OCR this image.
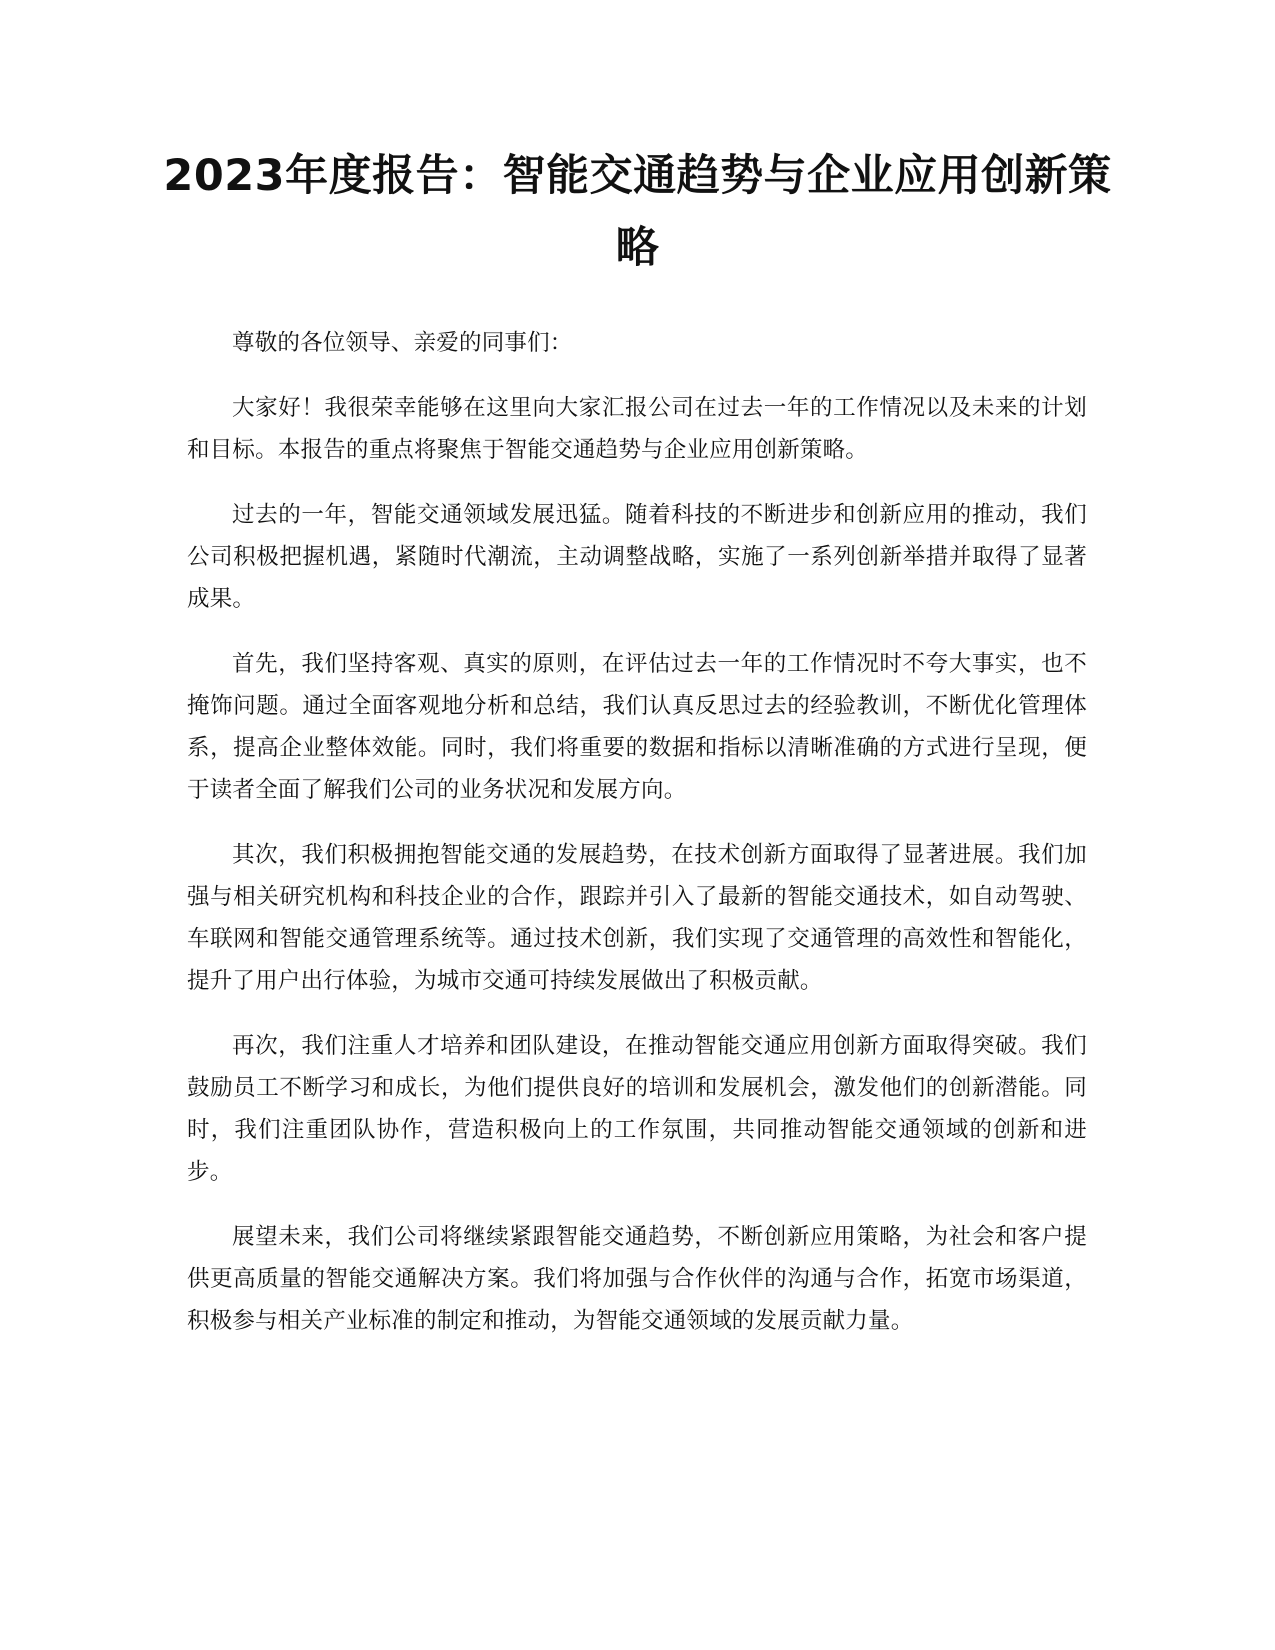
2023年度报告：智能交通趋势与企业应用创新策略

尊敬的各位领导、亲爱的同事们：

大家好！我很荣幸能够在这里向大家汇报公司在过去一年的工作情况以及未来的计划和目标。本报告的重点将聚焦于智能交通趋势与企业应用创新策略。

过去的一年，智能交通领域发展迅猛。随着科技的不断进步和创新应用的推动，我们公司积极把握机遇，紧随时代潮流，主动调整战略，实施了一系列创新举措并取得了显著成果。

首先，我们坚持客观、真实的原则，在评估过去一年的工作情况时不夸大事实，也不掩饰问题。通过全面客观地分析和总结，我们认真反思过去的经验教训，不断优化管理体系，提高企业整体效能。同时，我们将重要的数据和指标以清晰准确的方式进行呈现，便于读者全面了解我们公司的业务状况和发展方向。

其次，我们积极拥抱智能交通的发展趋势，在技术创新方面取得了显著进展。我们加强与相关研究机构和科技企业的合作，跟踪并引入了最新的智能交通技术，如自动驾驶、车联网和智能交通管理系统等。通过技术创新，我们实现了交通管理的高效性和智能化，提升了用户出行体验，为城市交通可持续发展做出了积极贡献。

再次，我们注重人才培养和团队建设，在推动智能交通应用创新方面取得突破。我们鼓励员工不断学习和成长，为他们提供良好的培训和发展机会，激发他们的创新潜能。同时，我们注重团队协作，营造积极向上的工作氛围，共同推动智能交通领域的创新和进步。

展望未来，我们公司将继续紧跟智能交通趋势，不断创新应用策略，为社会和客户提供更高质量的智能交通解决方案。我们将加强与合作伙伴的沟通与合作，拓宽市场渠道，积极参与相关产业标准的制定和推动，为智能交通领域的发展贡献力量。
